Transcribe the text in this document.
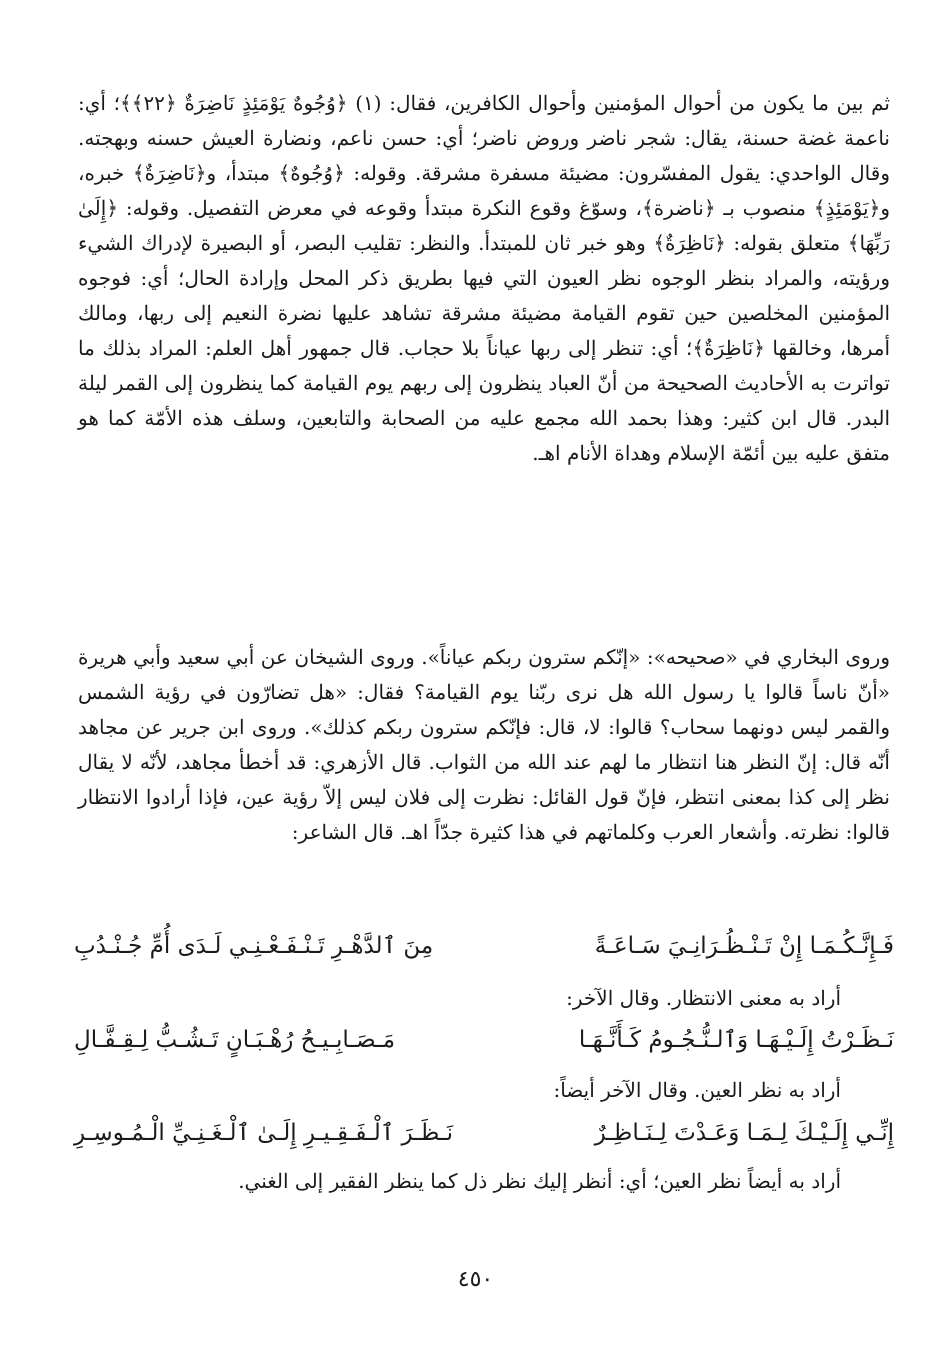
ثم بين ما يكون من أحوال المؤمنين وأحوال الكافرين، فقال: (١) ﴿وُجُوهٌ يَوْمَئِذٍ نَاضِرَةٌ ﴿٢٢﴾﴾؛ أي: ناعمة غضة حسنة، يقال: شجر ناضر وروض ناضر؛ أي: حسن ناعم، ونضارة العيش حسنه وبهجته. وقال الواحدي: يقول المفسّرون: مضيئة مسفرة مشرقة. وقوله: ﴿وُجُوهٌ﴾ مبتدأ، و﴿نَاضِرَةٌ﴾ خبره، و﴿يَوْمَئِذٍ﴾ منصوب بـ ﴿ناضرة﴾، وسوّغ وقوع النكرة مبتدأ وقوعه في معرض التفصيل. وقوله: ﴿إِلَىٰ رَبِّهَا﴾ متعلق بقوله: ﴿نَاظِرَةٌ﴾ وهو خبر ثان للمبتدأ. والنظر: تقليب البصر، أو البصيرة لإدراك الشيء ورؤيته، والمراد بنظر الوجوه نظر العيون التي فيها بطريق ذكر المحل وإرادة الحال؛ أي: فوجوه المؤمنين المخلصين حين تقوم القيامة مضيئة مشرقة تشاهد عليها نضرة النعيم إلى ربها، ومالك أمرها، وخالقها ﴿نَاظِرَةٌ﴾؛ أي: تنظر إلى ربها عياناً بلا حجاب. قال جمهور أهل العلم: المراد بذلك ما تواترت به الأحاديث الصحيحة من أنّ العباد ينظرون إلى ربهم يوم القيامة كما ينظرون إلى القمر ليلة البدر. قال ابن كثير: وهذا بحمد الله مجمع عليه من الصحابة والتابعين، وسلف هذه الأمّة كما هو متفق عليه بين أئمّة الإسلام وهداة الأنام اهـ.
وروى البخاري في «صحيحه»: «إنّكم سترون ربكم عياناً». وروى الشيخان عن أبي سعيد وأبي هريرة «أنّ ناساً قالوا يا رسول الله هل نرى ربّنا يوم القيامة؟ فقال: «هل تضارّون في رؤية الشمس والقمر ليس دونهما سحاب؟ قالوا: لا، قال: فإنّكم سترون ربكم كذلك». وروى ابن جرير عن مجاهد أنّه قال: إنّ النظر هنا انتظار ما لهم عند الله من الثواب. قال الأزهري: قد أخطأ مجاهد، لأنّه لا يقال نظر إلى كذا بمعنى انتظر، فإنّ قول القائل: نظرت إلى فلان ليس إلاّ رؤية عين، فإذا أرادوا الانتظار قالوا: نظرته. وأشعار العرب وكلماتهم في هذا كثيرة جدّاً اهـ. قال الشاعر:
فَـإِنَّـكُـمَـا إِنْ تَـنْـظُـرَانِـيَ سَـاعَـةً
مِنَ ٱلدَّهْـرِ تَـنْـفَـعْـنِـي لَـدَى أُمِّ جُـنْـدُبِ
أراد به معنى الانتظار. وقال الآخر:
نَـظَـرْتُ إِلَـيْـهَـا وَٱلـنُّـجُـومُ كَـأَنَّـهَـا
مَـصَـابِـيـحُ رُهْـبَـانٍ تَـشُـبُّ لِـقِـفَّـالِ
أراد به نظر العين. وقال الآخر أيضاً:
إِنِّـي إِلَـيْـكَ لِـمَـا وَعَـدْتَ لِـنَـاظِـرٌ
نَـظَـرَ ٱلْـفَـقِـيـرِ إِلَـىٰ ٱلْـغَـنِـيِّ الْـمُـوسِـرِ
أراد به أيضاً نظر العين؛ أي: أنظر إليك نظر ذل كما ينظر الفقير إلى الغني.
٤٥٠
